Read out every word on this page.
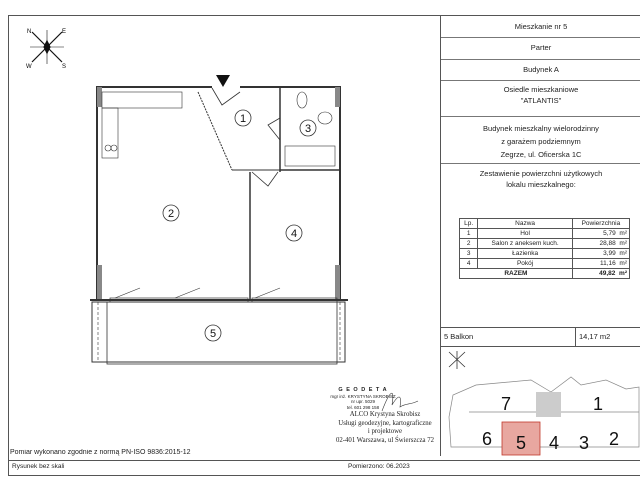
N	E
S
W
1
2
3
4
5
G E O D E T A
mgr inż. KRYSTYNA SKROBISZ
nr upr. 5029
tel. 601 298 158
ALCO Krystyna Skrobisz
Usługi geodezyjne, kartograficzne
i projektowe
02-401 Warszawa, ul Świerszcza 72
Pomiar wykonano zgodnie z normą PN-ISO 9836:2015-12
Rysunek bez skali	Pomierzono: 06.2023
Mieszkanie nr 5
Parter
Budynek A
Osiedle mieszkaniowe
"ATLANTIS"
Budynek mieszkalny wielorodzinny
z garażem podziemnym
Zegrze, ul. Oficerska 1C
Zestawienie powierzchni użytkowych
lokalu mieszkalnego:
Lp.	Nazwa	Powierzchnia
1	Hol	5,79 m²
2	Salon z aneksem kuch.	28,88 m²
3	Łazienka	3,99 m²
4	Pokój	11,16 m²
RAZEM		49,82 m²
5 Balkon	14,17 m2
7	1
6 5 4 3 2
